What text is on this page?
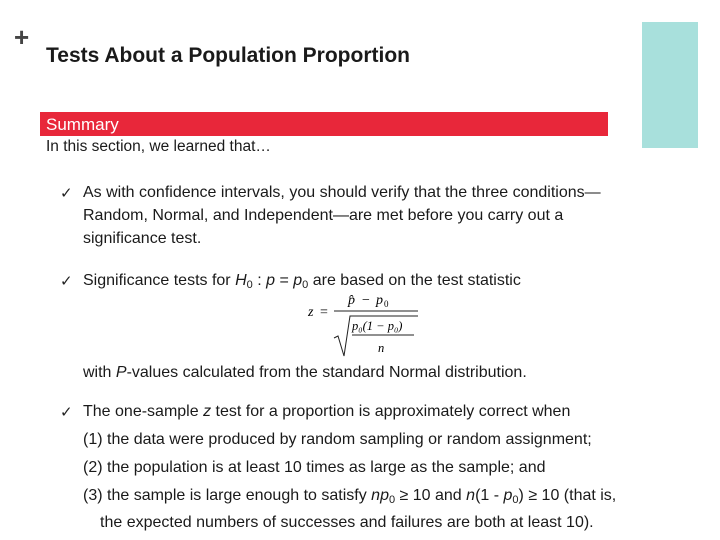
+
Tests About a Population Proportion
Summary
In this section, we learned that…
✓ As with confidence intervals, you should verify that the three conditions—
Random, Normal, and Independent—are met before you carry out a
significance test.
✓ Significance tests for $H_0$ : $p = p_0$ are based on the test statistic
z =
p̂ − p 0
p₀(1 − p₀)
n
with P-values calculated from the standard Normal distribution.
✓ The one-sample z test for a proportion is approximately correct when
(1) the data were produced by random sampling or random assignment;
(2) the population is at least 10 times as large as the sample; and
(3) the sample is large enough to satisfy $np_0 \ge 10$ and $n(1 - p_0) \ge 10$ (that is,
the expected numbers of successes and failures are both at least 10).
